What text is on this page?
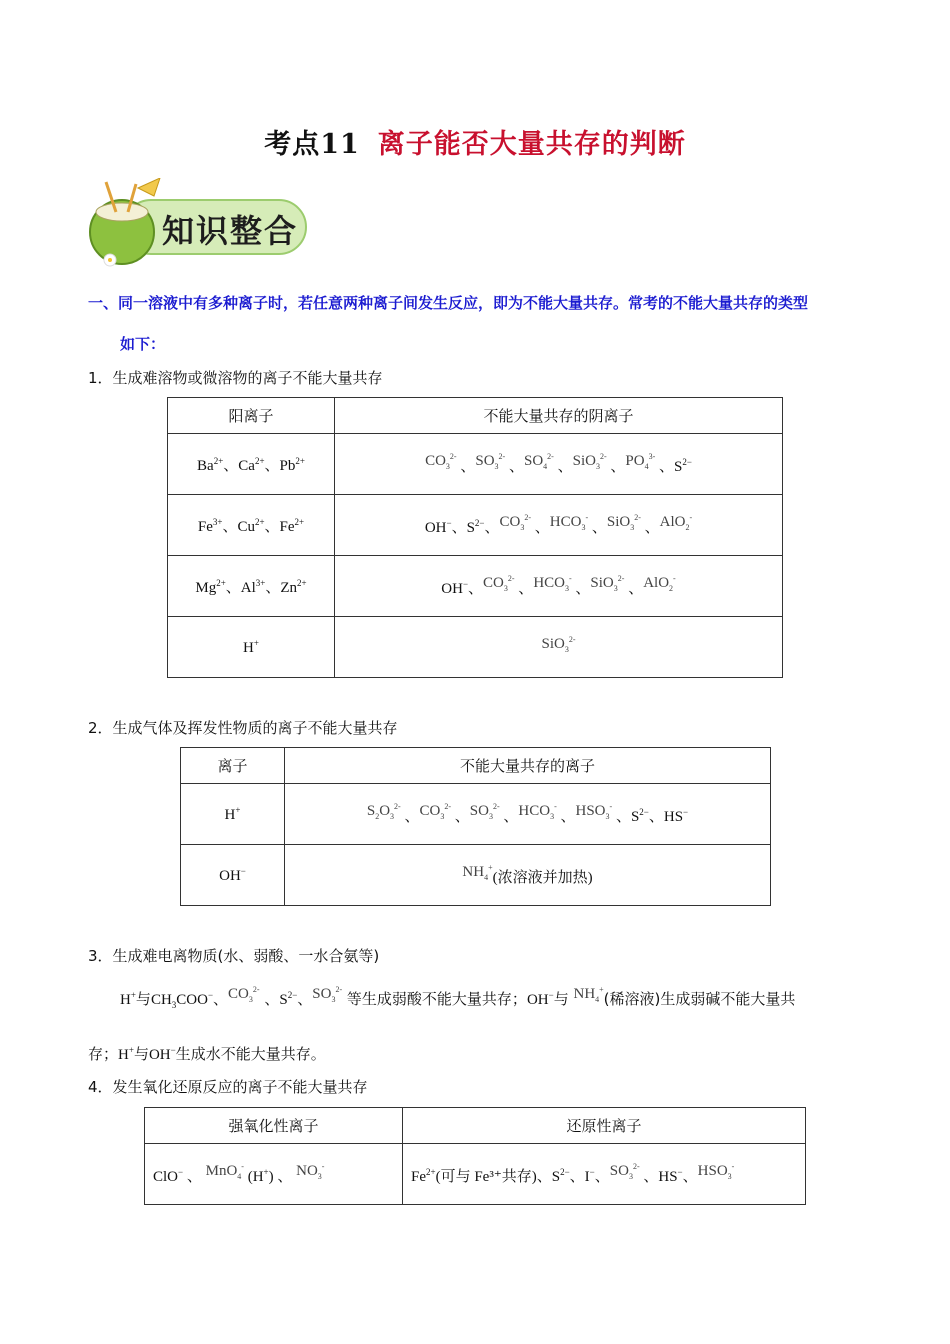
考点11 离子能否大量共存的判断
知识整合
一、同一溶液中有多种离子时，若任意两种离子间发生反应，即为不能大量共存。常考的不能大量共存的类型
如下：
1．生成难溶物或微溶物的离子不能大量共存
阳离子	不能大量共存的阴离子
$Ba^{2+}$、$Ca^{2+}$、$Pb^{2+}$	$CO_3^{2-}$ 、$SO_3^{2-}$ 、$SO_4^{2-}$ 、SiO$_3^{2-}$ 、$PO_4^{3-}$ 、$S^{2-}$
$Fe^{3+}$、$Cu^{2+}$、$Fe^{2+}$	OH−、$S^{2-}$、$CO_3^{2-}$ 、$HCO_3^-$ 、SiO$_3^{2-}$ 、AlO$_2$-
$Mg^{2+}$、$Al^{3+}$、$Zn^{2+}$	OH−、$CO_3^{2-}$ 、$HCO_3^-$ 、SiO$_3^{2-}$ 、AlO$_2$-
H+	SiO$_3^{2-}$
2．生成气体及挥发性物质的离子不能大量共存
离子	不能大量共存的离子
H+	$S_2O_3^{2-}$ 、$CO_3^{2-}$ 、$SO_3^{2-}$ 、$HCO_3^-$ 、$HSO_3^-$ 、$S^{2-}$、HS−
OH−	$NH_4^+$(浓溶液并加热)
3．生成难电离物质(水、弱酸、一水合氨等)
H+与$CH_3COO^-$、$CO_3^{2-}$ 、$S^{2-}$、$SO_3^{2-}$ 等生成弱酸不能大量共存；OH−与 $NH_4^+$(稀溶液)生成弱碱不能大量共
存；H+与OH−生成水不能大量共存。
4．发生氧化还原反应的离子不能大量共存
强氧化性离子	还原性离子
ClO− 、 MnO$_4$- (H+) 、 $NO_3^-$	$Fe^{2+}$(可与 Fe³⁺共存)、$S^{2-}$、I−、$SO_3^{2-}$ 、HS−、$HSO_3^-$
